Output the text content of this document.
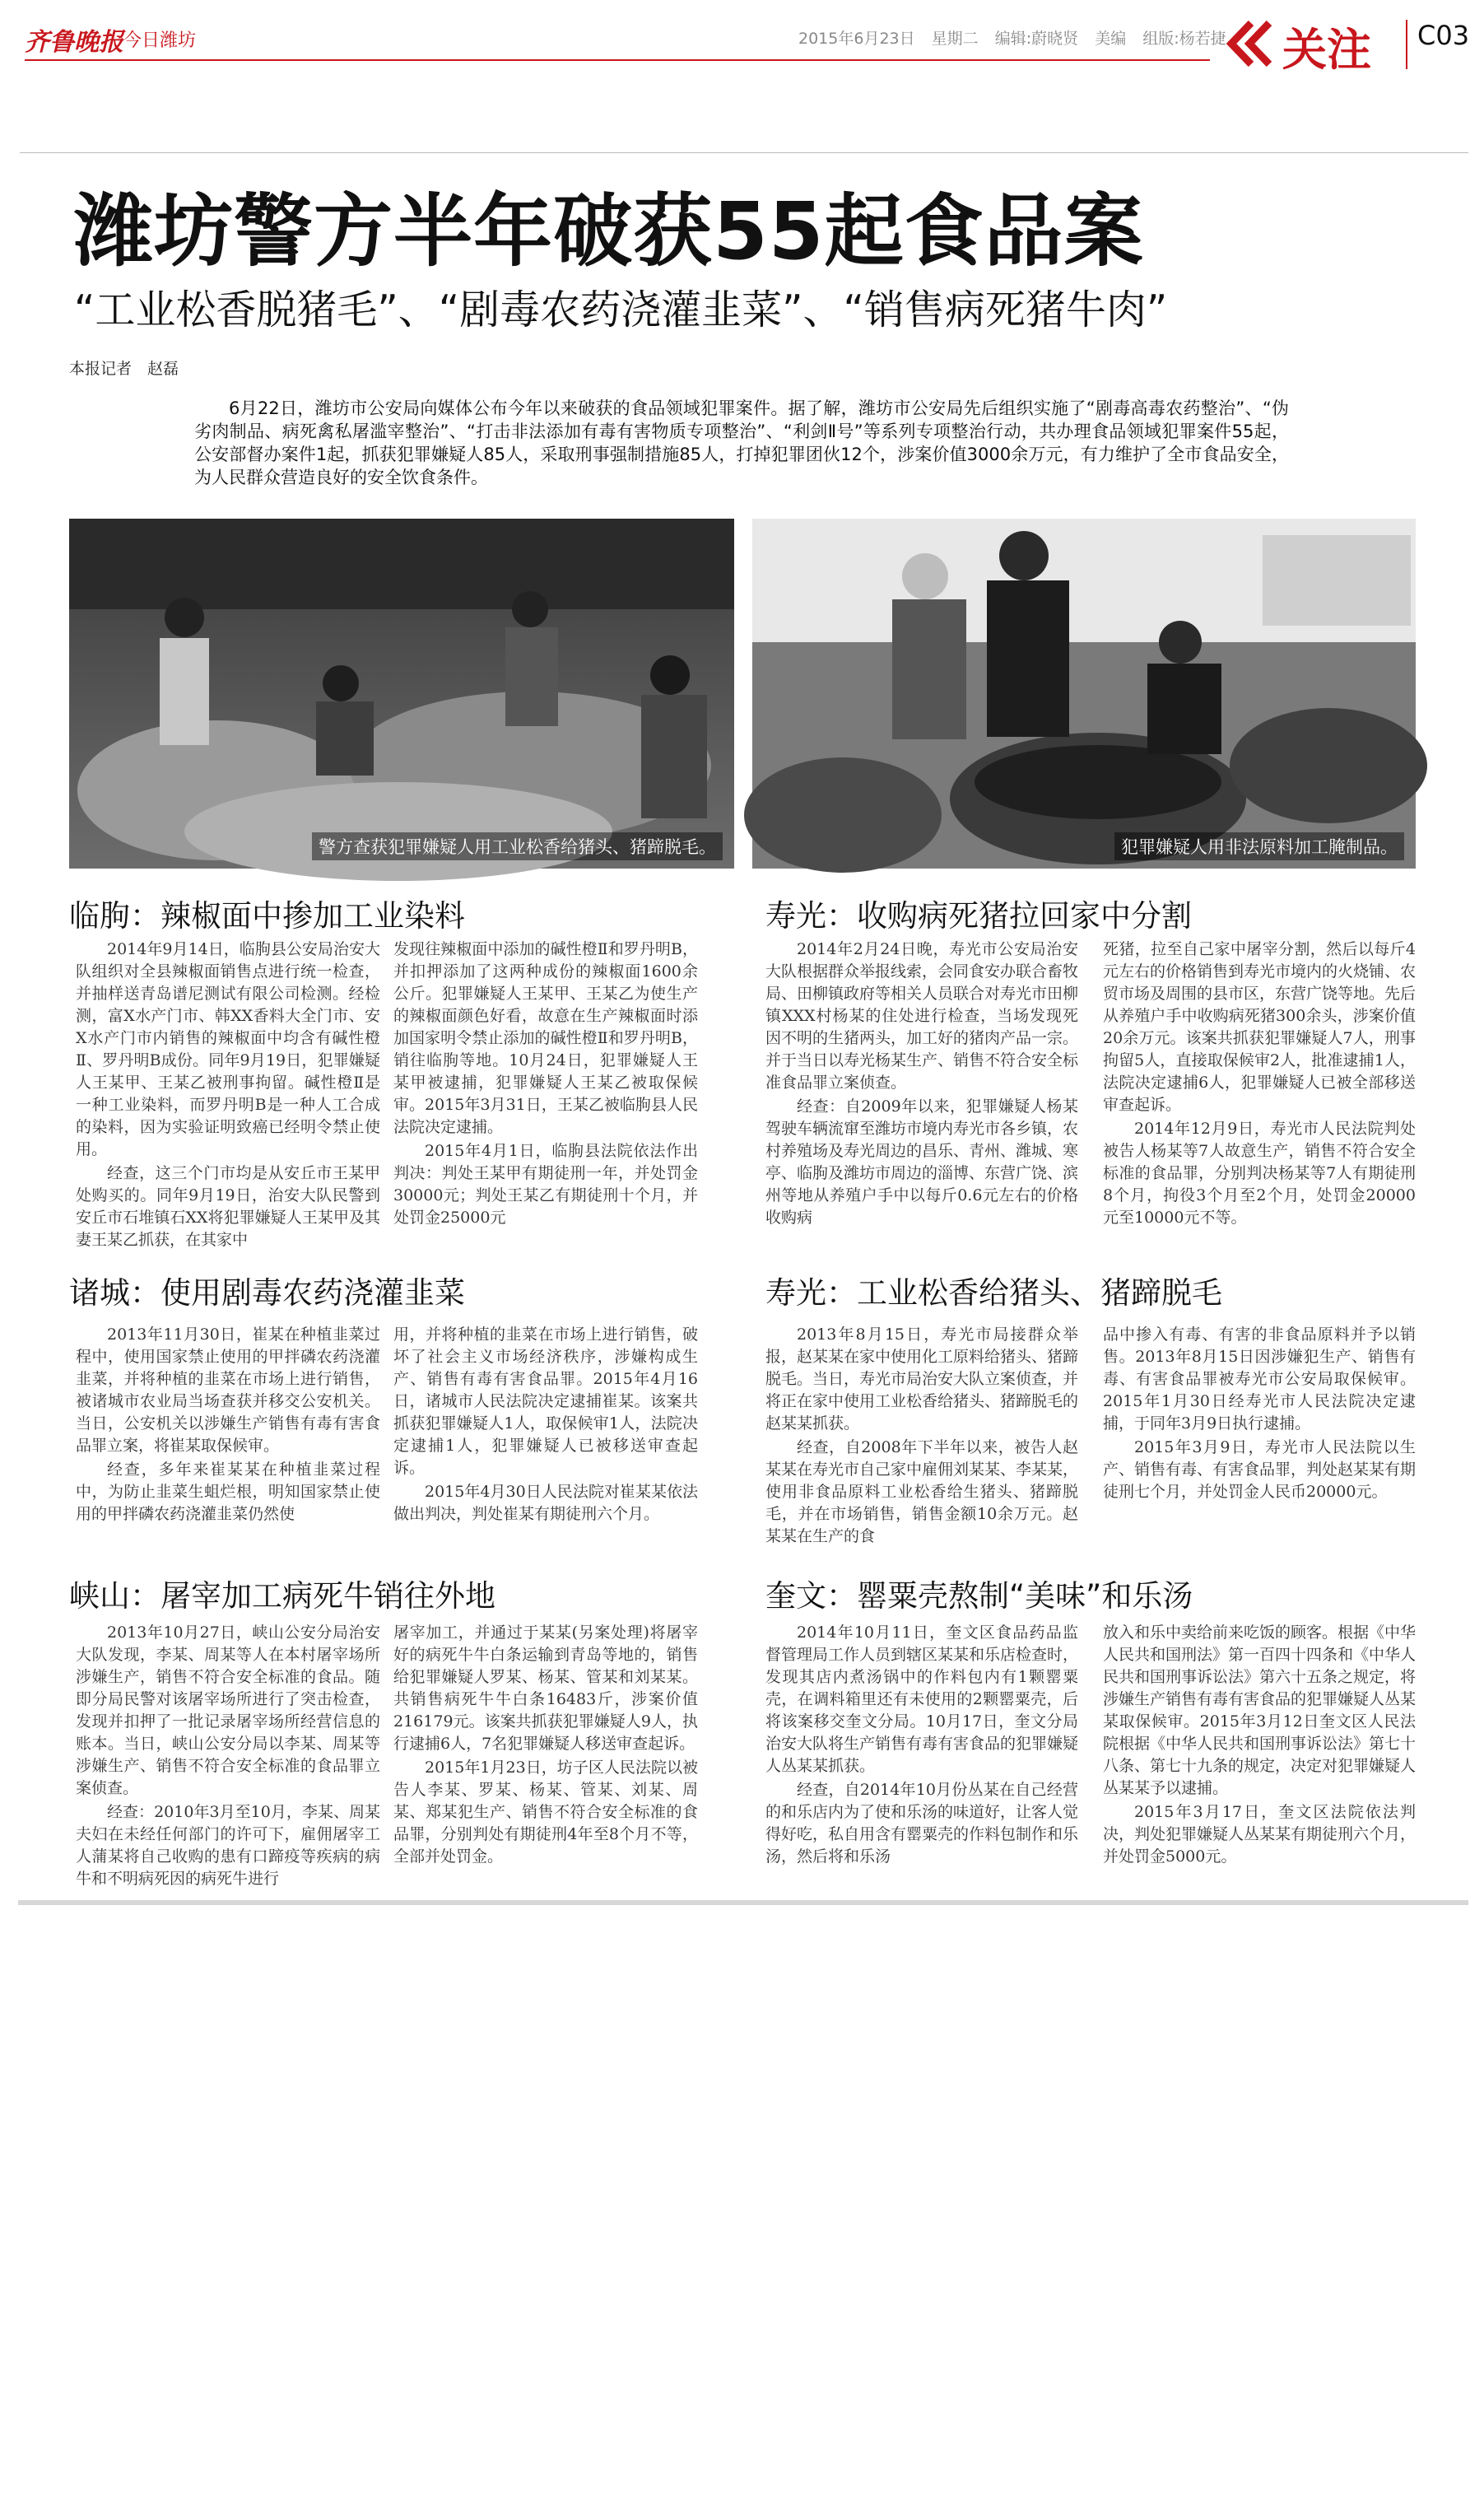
齐鲁晚报 今日潍坊	2015年6月23日 星期二 编辑:蔚晓贤 美编 组版:杨若捷 关注 C03
潍坊警方半年破获55起食品案
“工业松香脱猪毛”、“剧毒农药浇灌韭菜”、“销售病死猪牛肉”
本报记者　赵磊
6月22日，潍坊市公安局向媒体公布今年以来破获的食品领域犯罪案件。据了解，潍坊市公安局先后组织实施了“剧毒高毒农药整治”、“伪劣肉制品、病死禽私屠滥宰整治”、“打击非法添加有毒有害物质专项整治”、“利剑Ⅱ号”等系列专项整治行动，共办理食品领域犯罪案件55起，公安部督办案件1起，抓获犯罪嫌疑人85人，采取刑事强制措施85人，打掉犯罪团伙12个，涉案价值3000余万元，有力维护了全市食品安全，为人民群众营造良好的安全饮食条件。
警方查获犯罪嫌疑人用工业松香给猪头、猪蹄脱毛。	犯罪嫌疑人用非法原料加工腌制品。
临朐：辣椒面中掺加工业染料

2014年9月14日，临朐县公安局治安大队组织对全县辣椒面销售点进行统一检查，并抽样送青岛谱尼测试有限公司检测。经检测，富X水产门市、韩XX香料大全门市、安X水产门市内销售的辣椒面中均含有碱性橙Ⅱ、罗丹明B成份。同年9月19日，犯罪嫌疑人王某甲、王某乙被刑事拘留。碱性橙Ⅱ是一种工业染料，而罗丹明B是一种人工合成的染料，因为实验证明致癌已经明令禁止使用。

经查，这三个门市均是从安丘市王某甲处购买的。同年9月19日，治安大队民警到安丘市石堆镇石XX将犯罪嫌疑人王某甲及其妻王某乙抓获，在其家中

发现往辣椒面中添加的碱性橙Ⅱ和罗丹明B，并扣押添加了这两种成份的辣椒面1600余公斤。犯罪嫌疑人王某甲、王某乙为使生产的辣椒面颜色好看，故意在生产辣椒面时添加国家明令禁止添加的碱性橙Ⅱ和罗丹明B，销往临朐等地。10月24日，犯罪嫌疑人王某甲被逮捕，犯罪嫌疑人王某乙被取保候审。2015年3月31日，王某乙被临朐县人民法院决定逮捕。

2015年4月1日，临朐县法院依法作出判决：判处王某甲有期徒刑一年，并处罚金30000元；判处王某乙有期徒刑十个月，并处罚金25000元

寿光：收购病死猪拉回家中分割

2014年2月24日晚，寿光市公安局治安大队根据群众举报线索，会同食安办联合畜牧局、田柳镇政府等相关人员联合对寿光市田柳镇XXX村杨某的住处进行检查，当场发现死因不明的生猪两头，加工好的猪肉产品一宗。并于当日以寿光杨某生产、销售不符合安全标准食品罪立案侦查。

经查：自2009年以来，犯罪嫌疑人杨某驾驶车辆流窜至潍坊市境内寿光市各乡镇，农村养殖场及寿光周边的昌乐、青州、潍城、寒亭、临朐及潍坊市周边的淄博、东营广饶、滨州等地从养殖户手中以每斤0.6元左右的价格收购病

死猪，拉至自己家中屠宰分割，然后以每斤4元左右的价格销售到寿光市境内的火烧铺、农贸市场及周围的县市区，东营广饶等地。先后从养殖户手中收购病死猪300余头，涉案价值20余万元。该案共抓获犯罪嫌疑人7人，刑事拘留5人，直接取保候审2人，批准逮捕1人，法院决定逮捕6人，犯罪嫌疑人已被全部移送审查起诉。

2014年12月9日，寿光市人民法院判处被告人杨某等7人故意生产，销售不符合安全标准的食品罪，分别判决杨某等7人有期徒刑8个月，拘役3个月至2个月，处罚金20000元至10000元不等。

诸城：使用剧毒农药浇灌韭菜

2013年11月30日，崔某在种植韭菜过程中，使用国家禁止使用的甲拌磷农药浇灌韭菜，并将种植的韭菜在市场上进行销售，被诸城市农业局当场查获并移交公安机关。当日，公安机关以涉嫌生产销售有毒有害食品罪立案，将崔某取保候审。

经查，多年来崔某某在种植韭菜过程中，为防止韭菜生蛆烂根，明知国家禁止使用的甲拌磷农药浇灌韭菜仍然使

用，并将种植的韭菜在市场上进行销售，破坏了社会主义市场经济秩序，涉嫌构成生产、销售有毒有害食品罪。2015年4月16日，诸城市人民法院决定逮捕崔某。该案共抓获犯罪嫌疑人1人，取保候审1人，法院决定逮捕1人，犯罪嫌疑人已被移送审查起诉。

2015年4月30日人民法院对崔某某依法做出判决，判处崔某有期徒刑六个月。

寿光：工业松香给猪头、猪蹄脱毛

2013年8月15日，寿光市局接群众举报，赵某某在家中使用化工原料给猪头、猪蹄脱毛。当日，寿光市局治安大队立案侦查，并将正在家中使用工业松香给猪头、猪蹄脱毛的赵某某抓获。

经查，自2008年下半年以来，被告人赵某某在寿光市自己家中雇佣刘某某、李某某，使用非食品原料工业松香给生猪头、猪蹄脱毛，并在市场销售，销售金额10余万元。赵某某在生产的食

品中掺入有毒、有害的非食品原料并予以销售。2013年8月15日因涉嫌犯生产、销售有毒、有害食品罪被寿光市公安局取保候审。2015年1月30日经寿光市人民法院决定逮捕，于同年3月9日执行逮捕。

2015年3月9日，寿光市人民法院以生产、销售有毒、有害食品罪，判处赵某某有期徒刑七个月，并处罚金人民币20000元。

峡山：屠宰加工病死牛销往外地

2013年10月27日，峡山公安分局治安大队发现，李某、周某等人在本村屠宰场所涉嫌生产，销售不符合安全标准的食品。随即分局民警对该屠宰场所进行了突击检查，发现并扣押了一批记录屠宰场所经营信息的账本。当日，峡山公安分局以李某、周某等涉嫌生产、销售不符合安全标准的食品罪立案侦查。

经查：2010年3月至10月，李某、周某夫妇在未经任何部门的许可下，雇佣屠宰工人蒲某将自己收购的患有口蹄疫等疾病的病牛和不明病死因的病死牛进行

屠宰加工，并通过于某某(另案处理)将屠宰好的病死牛牛白条运输到青岛等地的，销售给犯罪嫌疑人罗某、杨某、管某和刘某某。共销售病死牛牛白条16483斤，涉案价值216179元。该案共抓获犯罪嫌疑人9人，执行逮捕6人，7名犯罪嫌疑人移送审查起诉。

2015年1月23日，坊子区人民法院以被告人李某、罗某、杨某、管某、刘某、周某、郑某犯生产、销售不符合安全标准的食品罪，分别判处有期徒刑4年至8个月不等，全部并处罚金。

奎文：罂粟壳熬制“美味”和乐汤

2014年10月11日，奎文区食品药品监督管理局工作人员到辖区某某和乐店检查时，发现其店内煮汤锅中的作料包内有1颗罂粟壳，在调料箱里还有未使用的2颗罂粟壳，后将该案移交奎文分局。10月17日，奎文分局治安大队将生产销售有毒有害食品的犯罪嫌疑人丛某某抓获。

经查，自2014年10月份丛某在自己经营的和乐店内为了使和乐汤的味道好，让客人觉得好吃，私自用含有罂粟壳的作料包制作和乐汤，然后将和乐汤

放入和乐中卖给前来吃饭的顾客。根据《中华人民共和国刑法》第一百四十四条和《中华人民共和国刑事诉讼法》第六十五条之规定，将涉嫌生产销售有毒有害食品的犯罪嫌疑人丛某某取保候审。2015年3月12日奎文区人民法院根据《中华人民共和国刑事诉讼法》第七十八条、第七十九条的规定，决定对犯罪嫌疑人丛某某予以逮捕。

2015年3月17日，奎文区法院依法判决，判处犯罪嫌疑人丛某某有期徒刑六个月，并处罚金5000元。
